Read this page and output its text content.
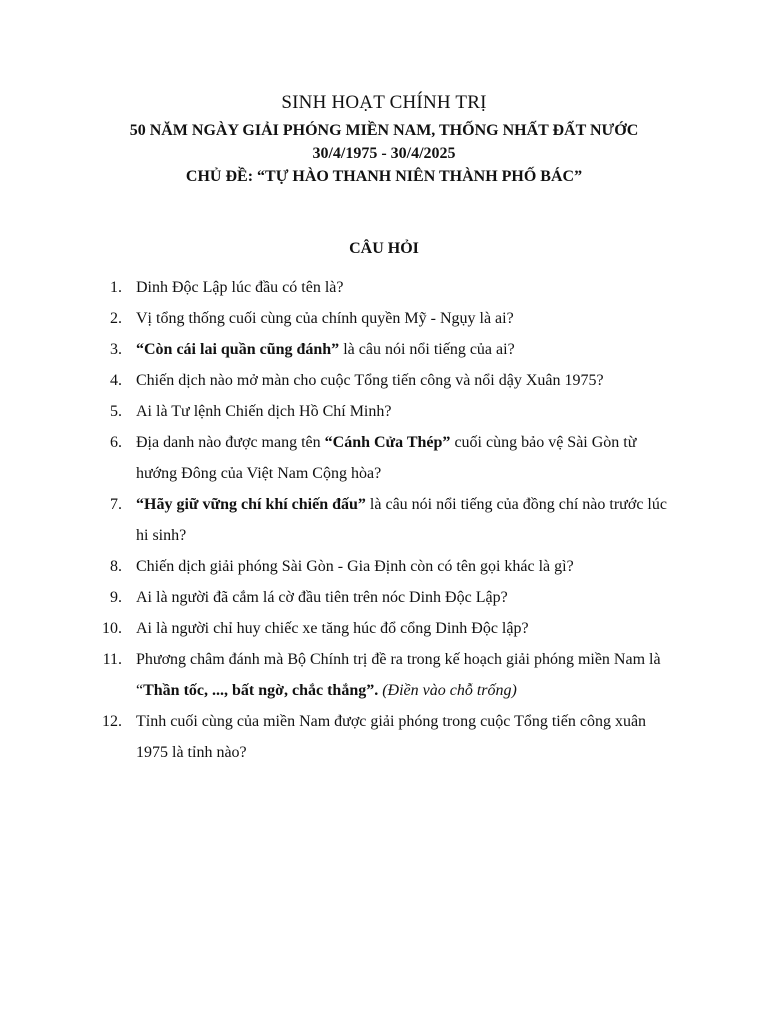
SINH HOẠT CHÍNH TRỊ
50 NĂM NGÀY GIẢI PHÓNG MIỀN NAM, THỐNG NHẤT ĐẤT NƯỚC
30/4/1975 - 30/4/2025
CHỦ ĐỀ: “TỰ HÀO THANH NIÊN THÀNH PHỐ BÁC”
CÂU HỎI
1. Dinh Độc Lập lúc đầu có tên là?
2. Vị tổng thống cuối cùng của chính quyền Mỹ - Ngụy là ai?
3. “Còn cái lai quần cũng đánh” là câu nói nổi tiếng của ai?
4. Chiến dịch nào mở màn cho cuộc Tổng tiến công và nổi dậy Xuân 1975?
5. Ai là Tư lệnh Chiến dịch Hồ Chí Minh?
6. Địa danh nào được mang tên “Cánh Cửa Thép” cuối cùng bảo vệ Sài Gòn từ hướng Đông của Việt Nam Cộng hòa?
7. “Hãy giữ vững chí khí chiến đấu” là câu nói nổi tiếng của đồng chí nào trước lúc hi sinh?
8. Chiến dịch giải phóng Sài Gòn - Gia Định còn có tên gọi khác là gì?
9. Ai là người đã cắm lá cờ đầu tiên trên nóc Dinh Độc Lập?
10. Ai là người chỉ huy chiếc xe tăng húc đổ cổng Dinh Độc lập?
11. Phương châm đánh mà Bộ Chính trị đề ra trong kế hoạch giải phóng miền Nam là “Thần tốc, ..., bất ngờ, chắc thắng”. (Điền vào chỗ trống)
12. Tỉnh cuối cùng của miền Nam được giải phóng trong cuộc Tổng tiến công xuân 1975 là tỉnh nào?
